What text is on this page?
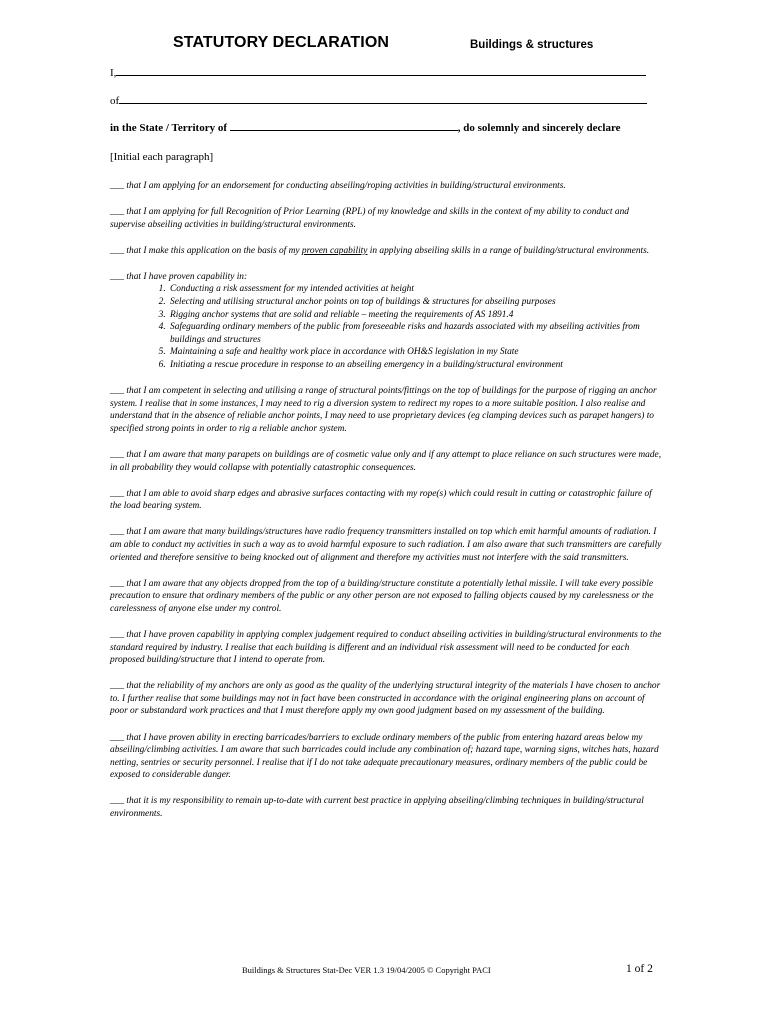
STATUTORY DECLARATION	Buildings & structures
I,
of
in the State / Territory of	, do solemnly and sincerely declare
[Initial each paragraph]

___ that I am applying for an endorsement for conducting abseiling/roping activities in building/structural environments.

___ that I am applying for full Recognition of Prior Learning (RPL) of my knowledge and skills in the context of my ability to conduct and supervise abseiling activities in building/structural environments.

___ that I make this application on the basis of my proven capability in applying abseiling skills in a range of building/structural environments.

___ that I have proven capability in:
1. Conducting a risk assessment for my intended activities at height
2. Selecting and utilising structural anchor points on top of buildings & structures for abseiling purposes
3. Rigging anchor systems that are solid and reliable – meeting the requirements of AS 1891.4
4. Safeguarding ordinary members of the public from foreseeable risks and hazards associated with my abseiling activities from buildings and structures
5. Maintaining a safe and healthy work place in accordance with OH&S legislation in my State
6. Initiating a rescue procedure in response to an abseiling emergency in a building/structural environment

___ that I am competent in selecting and utilising a range of structural points/fittings on the top of buildings for the purpose of rigging an anchor system. I realise that in some instances, I may need to rig a diversion system to redirect my ropes to a more suitable position. I also realise and understand that in the absence of reliable anchor points, I may need to use proprietary devices (eg clamping devices such as parapet hangers) to specified strong points in order to rig a reliable anchor system.

___ that I am aware that many parapets on buildings are of cosmetic value only and if any attempt to place reliance on such structures were made, in all probability they would collapse with potentially catastrophic consequences.

___ that I am able to avoid sharp edges and abrasive surfaces contacting with my rope(s) which could result in cutting or catastrophic failure of the load bearing system.

___ that I am aware that many buildings/structures have radio frequency transmitters installed on top which emit harmful amounts of radiation. I am able to conduct my activities in such a way as to avoid harmful exposure to such radiation. I am also aware that such transmitters are carefully oriented and therefore sensitive to being knocked out of alignment and therefore my activities must not interfere with the said transmitters.

___ that I am aware that any objects dropped from the top of a building/structure constitute a potentially lethal missile. I will take every possible precaution to ensure that ordinary members of the public or any other person are not exposed to falling objects caused by my carelessness or the carelessness of anyone else under my control.

___ that I have proven capability in applying complex judgement required to conduct abseiling activities in building/structural environments to the standard required by industry. I realise that each building is different and an individual risk assessment will need to be conducted for each proposed building/structure that I intend to operate from.

___ that the reliability of my anchors are only as good as the quality of the underlying structural integrity of the materials I have chosen to anchor to. I further realise that some buildings may not in fact have been constructed in accordance with the original engineering plans on account of poor or substandard work practices and that I must therefore apply my own good judgment based on my assessment of the building.

___ that I have proven ability in erecting barricades/barriers to exclude ordinary members of the public from entering hazard areas below my abseiling/climbing activities. I am aware that such barricades could include any combination of; hazard tape, warning signs, witches hats, hazard netting, sentries or security personnel. I realise that if I do not take adequate precautionary measures, ordinary members of the public could be exposed to considerable danger.

___ that it is my responsibility to remain up-to-date with current best practice in applying abseiling/climbing techniques in building/structural environments.

Buildings & Structures Stat-Dec VER 1.3 19/04/2005 © Copyright PACI	1 of 2
